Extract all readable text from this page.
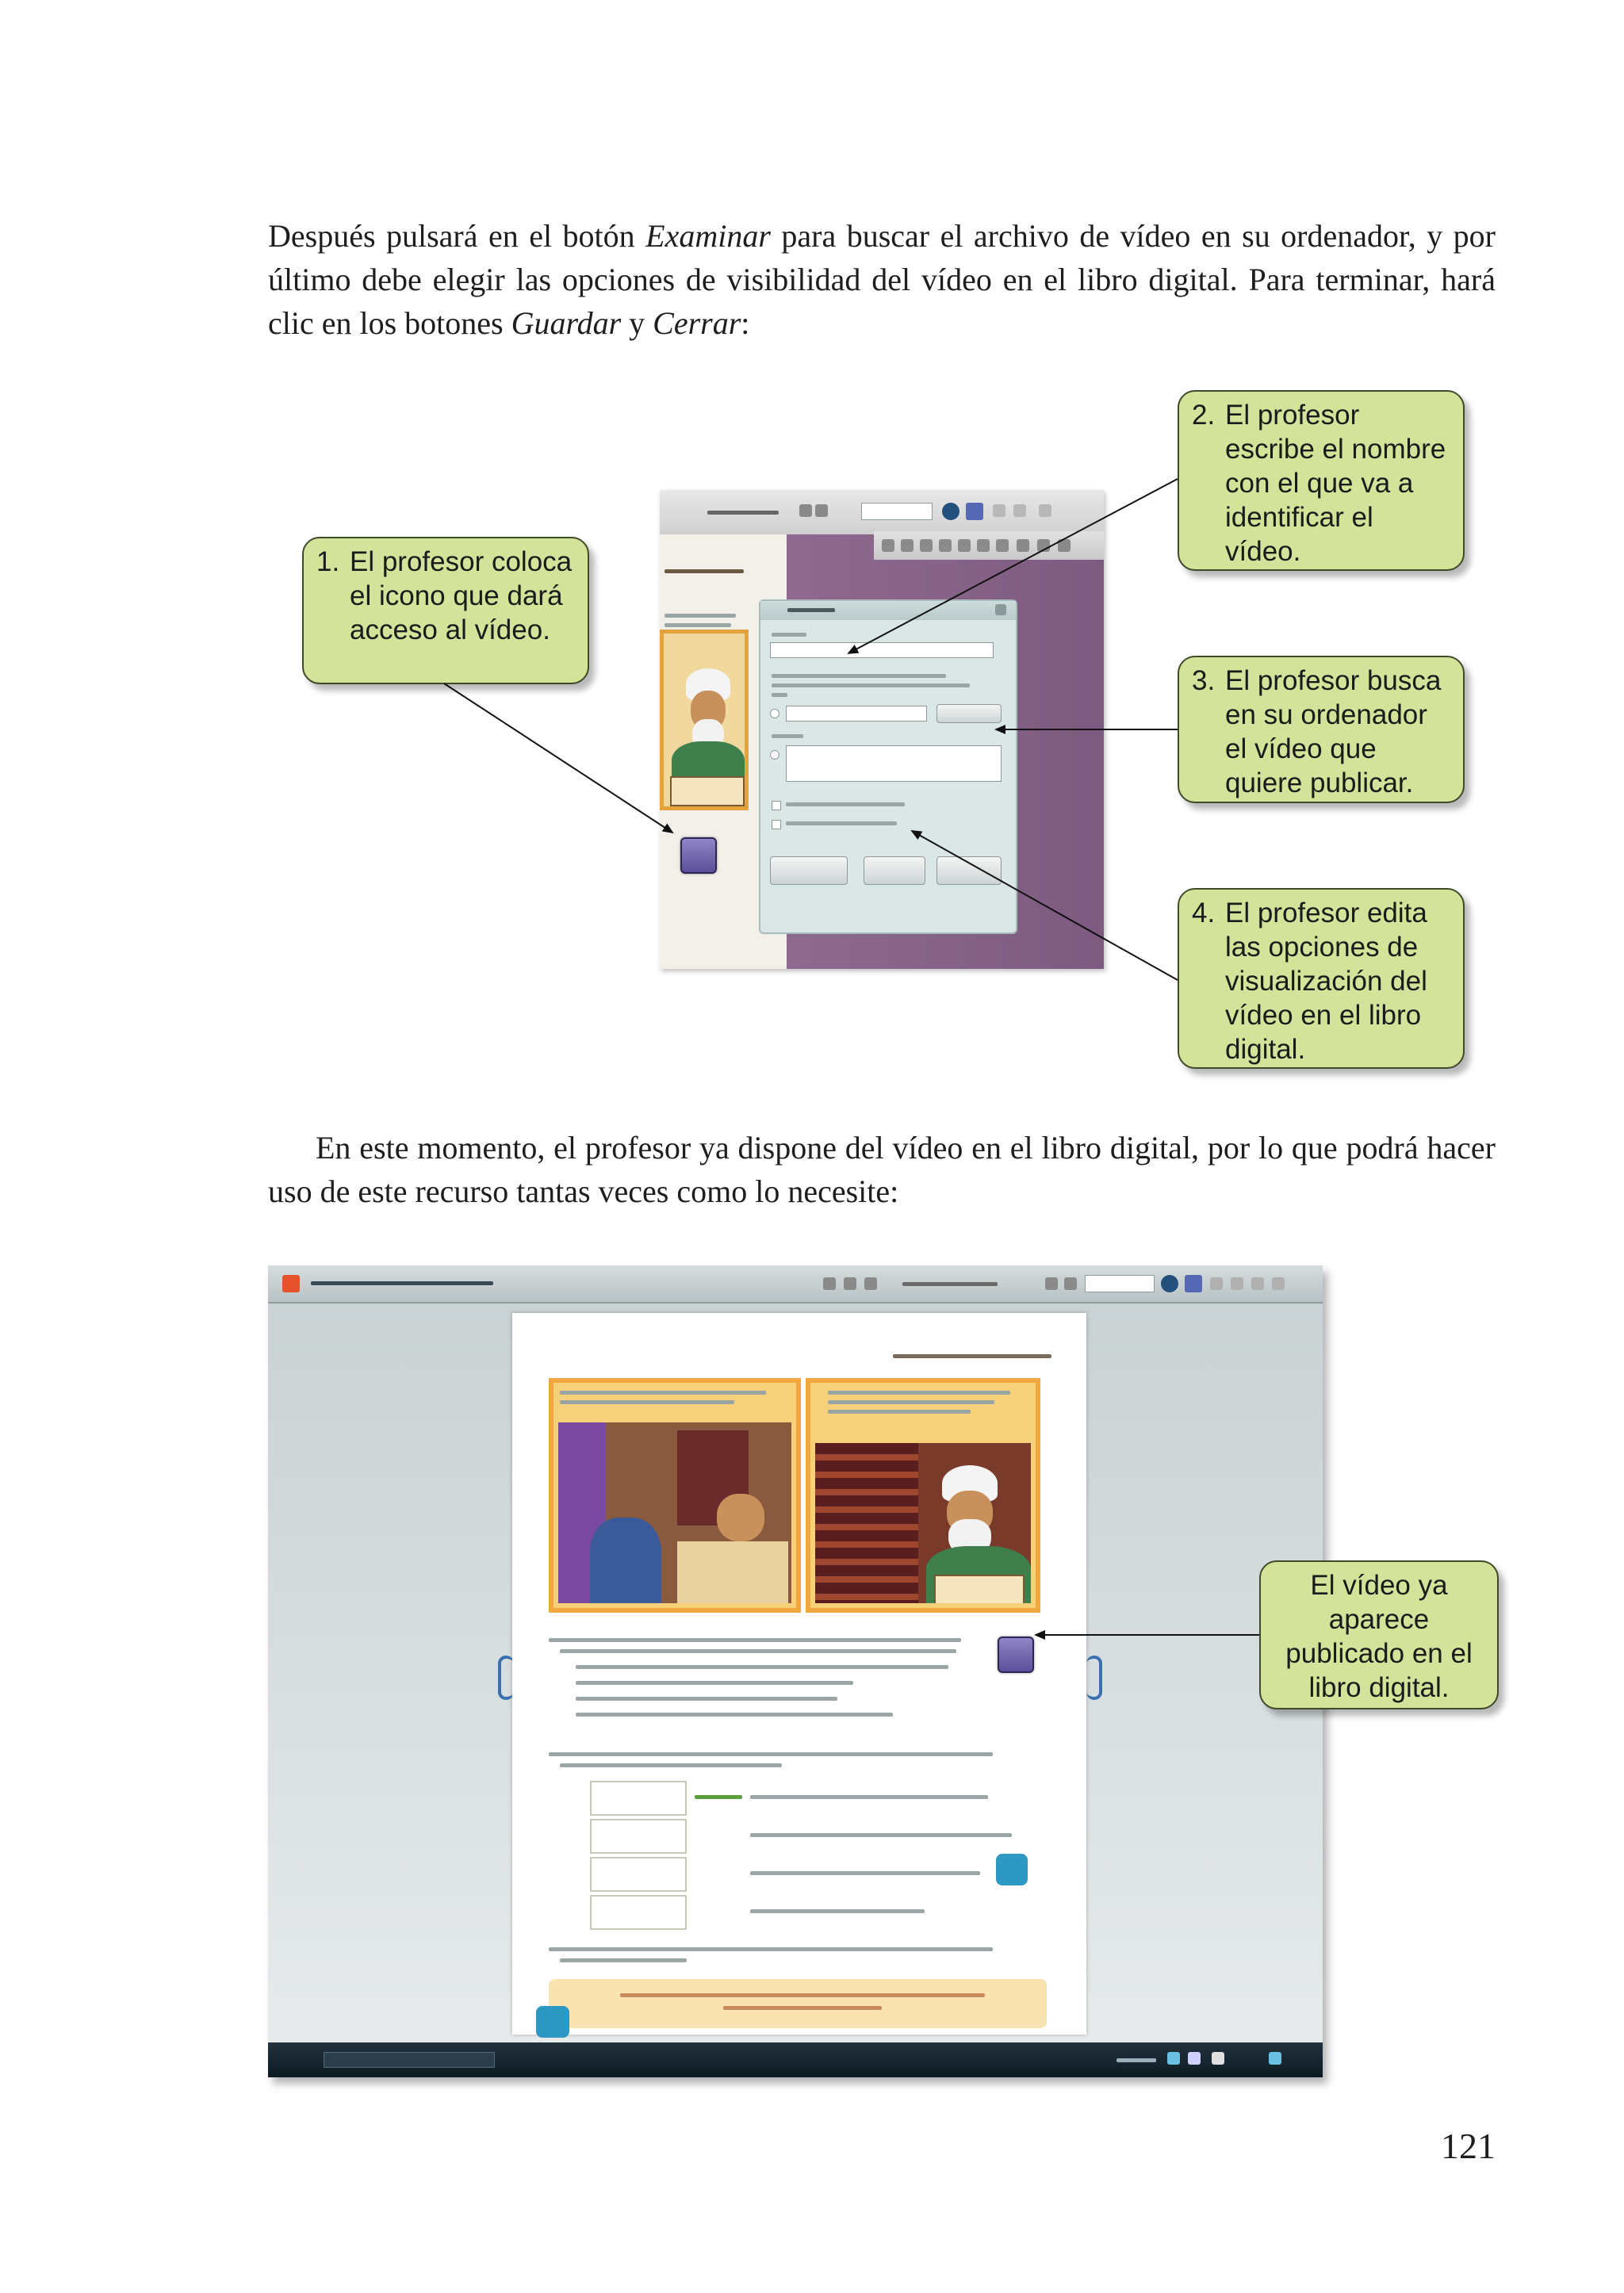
Después pulsará en el botón Examinar para buscar el archivo de vídeo en su ordenador, y por último debe elegir las opciones de visibilidad del vídeo en el libro digital. Para terminar, hará clic en los botones Guardar y Cerrar:
1. El profesor coloca el icono que dará acceso al vídeo.
2. El profesor escribe el nombre con el que va a identificar el vídeo.
3. El profesor busca en su ordenador el vídeo que quiere publicar.
4. El profesor edita las opciones de visualización del vídeo en el libro digital.
En este momento, el profesor ya dispone del vídeo en el libro digital, por lo que podrá hacer uso de este recurso tantas veces como lo necesite:
El vídeo ya aparece publicado en el libro digital.
121
